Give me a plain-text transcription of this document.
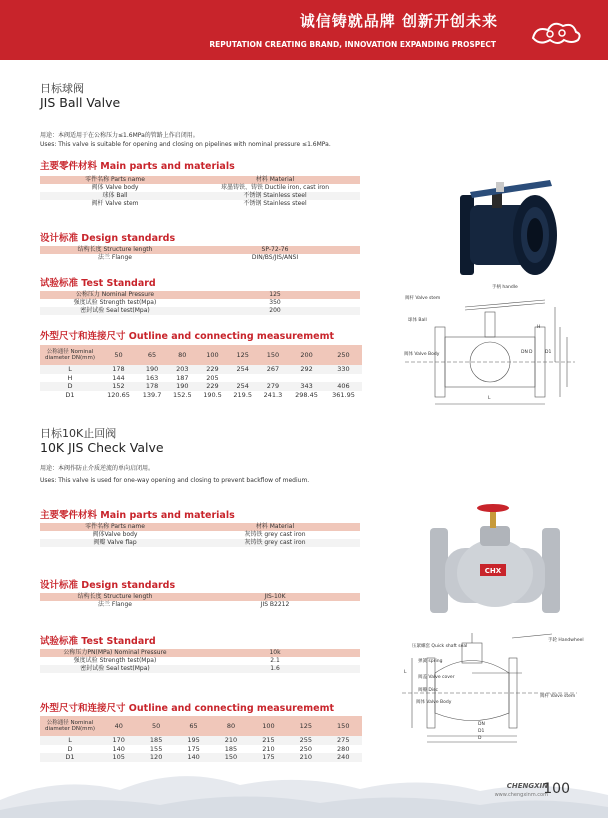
诚信铸就品牌 创新开创未来
REPUTATION CREATING BRAND, INNOVATION EXPANDING PROSPECT
日标球阀
JIS Ball Valve
用途：本阀适用于在公称压力≤1.6MPa的管路上作启闭用。
Uses: This valve is suitable for opening and closing on pipelines with nominal pressure ≤1.6MPa.
主要零件材料 Main parts and materials
零件名称 Parts name	材料 Material
阀体 Valve body	球墨铸铁、铸铁 Ductile iron, cast iron
球体 Ball	不锈钢 Stainless steel
阀杆 Valve stem	不锈钢 Stainless steel
设计标准 Design standards
结构长度 Structure length	SP-72-76
法兰 Flange	DIN/BS/JIS/ANSI
试验标准 Test Standard
公称压力 Nominal Pressure	125
强度试验 Strength test(Mpa)	350
密封试验 Seal test(Mpa)	200
外型尺寸和连接尺寸 Outline and connecting measurememt
公称通径 Nominal diameter DN(mm)	50	65	80	100	125	150	200	250
L	178	190	203	229	254	267	292	330
H	144	163	187	205				
D	152	178	190	229	254	279	343	406
D1	120.65	139.7	152.5	190.5	219.5	241.3	298.45	361.95
手柄 handle
阀杆 Valve stem
球体 Ball
阀体 Valve Body
H
D
DN	D1
L
日标10K止回阀
10K JIS Check Valve
用途：本阀作防止介质逆流的单向启闭用。
Uses: This valve is used for one-way opening and closing to prevent backflow of medium.
主要零件材料 Main parts and materials
零件名称 Parts name	材料 Material
阀体Valve body	灰铸铁 grey cast iron
阀瓣 Valve flap	灰铸铁 grey cast iron
设计标准 Design standards
结构长度 Structure length	JIS-10K
法兰 Flange	JIS B2212
试验标准 Test Standard
公称压力PN(MPa) Nominal Pressure	10k
强度试验 Strength test(Mpa)	2.1
密封试验 Seal test(Mpa)	1.6
外型尺寸和连接尺寸 Outline and connecting measurememt
公称通径 Nominal diameter DN(mm)	40	50	65	80	100	125	150
L	170	185	195	210	215	255	275
D	140	155	175	185	210	250	280
D1	105	120	140	150	175	210	240
CHX
压紧螺套 Quick shaft seal
弹簧 spring
阀盖 Valve cover
阀瓣 Disc
阀体 Valve Body
手轮 Handwheel
阀杆 Valve stem
DN
D1
D
L
CHENGXIN
www.chengxinm.com
100
